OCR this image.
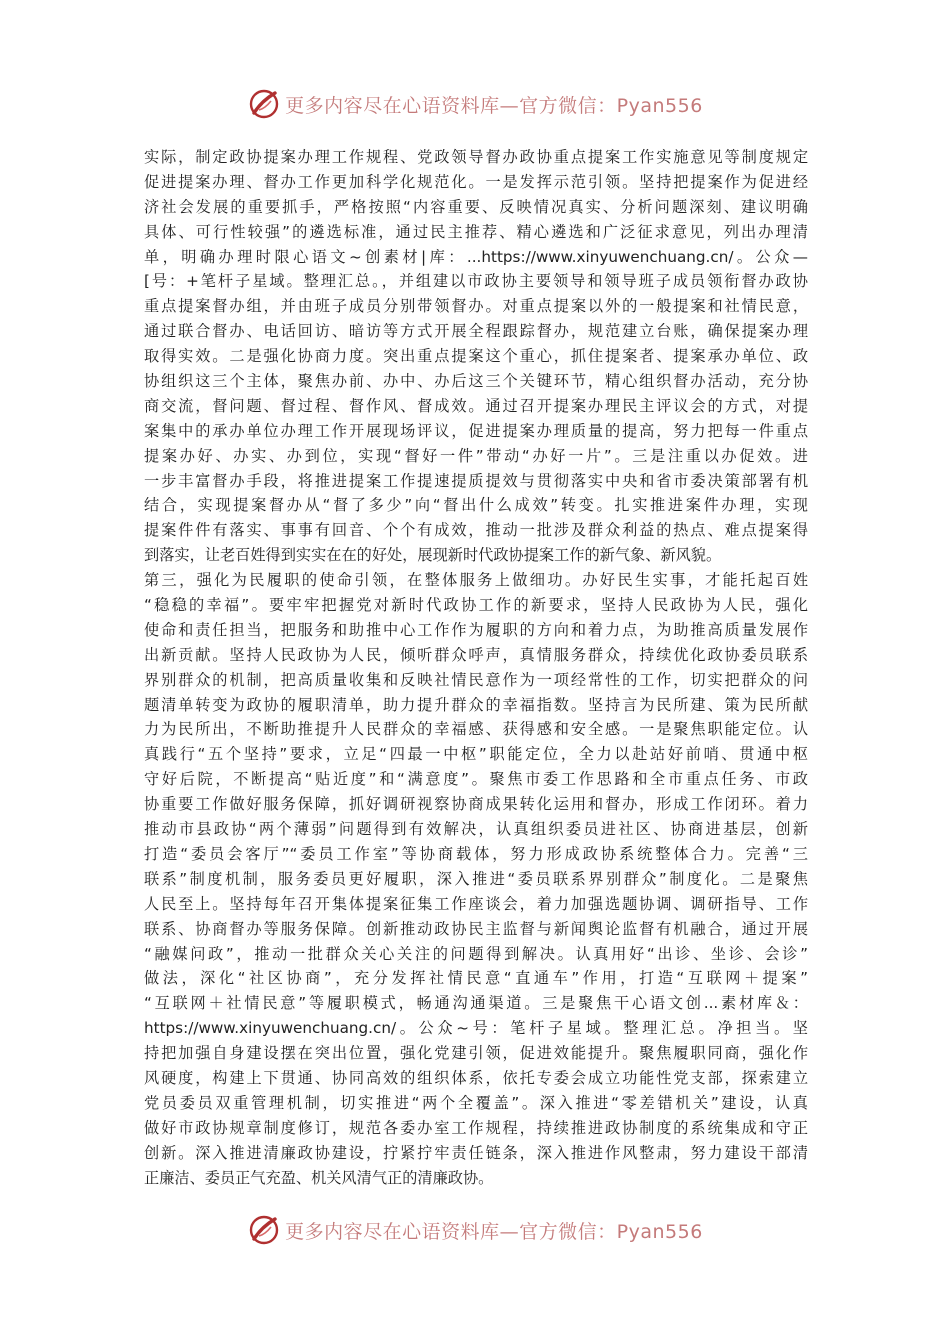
更多内容尽在心语资料库—官方微信：Pyan556
实际，制定政协提案办理工作规程、党政领导督办政协重点提案工作实施意见等制度规定
促进提案办理、督办工作更加科学化规范化。一是发挥示范引领。坚持把提案作为促进经
济社会发展的重要抓手，严格按照“内容重要、反映情况真实、分析问题深刻、建议明确
具体、可行性较强”的遴选标准，通过民主推荐、精心遴选和广泛征求意见，列出办理清
单，明确办理时限心语文~创素材|库：...https://www.xinyuwenchuang.cn/。公众—
[号：+笔杆子星域。整理汇总。，并组建以市政协主要领导和领导班子成员领衔督办政协
重点提案督办组，并由班子成员分别带领督办。对重点提案以外的一般提案和社情民意，
通过联合督办、电话回访、暗访等方式开展全程跟踪督办，规范建立台账，确保提案办理
取得实效。二是强化协商力度。突出重点提案这个重心，抓住提案者、提案承办单位、政
协组织这三个主体，聚焦办前、办中、办后这三个关键环节，精心组织督办活动，充分协
商交流，督问题、督过程、督作风、督成效。通过召开提案办理民主评议会的方式，对提
案集中的承办单位办理工作开展现场评议，促进提案办理质量的提高，努力把每一件重点
提案办好、办实、办到位，实现“督好一件”带动“办好一片”。三是注重以办促效。进
一步丰富督办手段，将推进提案工作提速提质提效与贯彻落实中央和省市委决策部署有机
结合，实现提案督办从“督了多少”向“督出什么成效”转变。扎实推进案件办理，实现
提案件件有落实、事事有回音、个个有成效，推动一批涉及群众利益的热点、难点提案得
到落实，让老百姓得到实实在在的好处，展现新时代政协提案工作的新气象、新风貌。
第三，强化为民履职的使命引领，在整体服务上做细功。办好民生实事，才能托起百姓
“稳稳的幸福”。要牢牢把握党对新时代政协工作的新要求，坚持人民政协为人民，强化
使命和责任担当，把服务和助推中心工作作为履职的方向和着力点，为助推高质量发展作
出新贡献。坚持人民政协为人民，倾听群众呼声，真情服务群众，持续优化政协委员联系
界别群众的机制，把高质量收集和反映社情民意作为一项经常性的工作，切实把群众的问
题清单转变为政协的履职清单，助力提升群众的幸福指数。坚持言为民所建、策为民所献
力为民所出，不断助推提升人民群众的幸福感、获得感和安全感。一是聚焦职能定位。认
真践行“五个坚持”要求，立足“四最一中枢”职能定位，全力以赴站好前哨、贯通中枢
守好后院，不断提高“贴近度”和“满意度”。聚焦市委工作思路和全市重点任务、市政
协重要工作做好服务保障，抓好调研视察协商成果转化运用和督办，形成工作闭环。着力
推动市县政协“两个薄弱”问题得到有效解决，认真组织委员进社区、协商进基层，创新
打造“委员会客厅”“委员工作室”等协商载体，努力形成政协系统整体合力。完善“三
联系”制度机制，服务委员更好履职，深入推进“委员联系界别群众”制度化。二是聚焦
人民至上。坚持每年召开集体提案征集工作座谈会，着力加强选题协调、调研指导、工作
联系、协商督办等服务保障。创新推动政协民主监督与新闻舆论监督有机融合，通过开展
“融媒问政”，推动一批群众关心关注的问题得到解决。认真用好“出诊、坐诊、会诊”
做法，深化“社区协商”，充分发挥社情民意“直通车”作用，打造“互联网＋提案”
“互联网＋社情民意”等履职模式，畅通沟通渠道。三是聚焦干心语文创...素材库＆：
https://www.xinyuwenchuang.cn/。公众~号：笔杆子星域。整理汇总。净担当。坚
持把加强自身建设摆在突出位置，强化党建引领，促进效能提升。聚焦履职同商，强化作
风硬度，构建上下贯通、协同高效的组织体系，依托专委会成立功能性党支部，探索建立
党员委员双重管理机制，切实推进“两个全覆盖”。深入推进“零差错机关”建设，认真
做好市政协规章制度修订，规范各委办室工作规程，持续推进政协制度的系统集成和守正
创新。深入推进清廉政协建设，拧紧拧牢责任链条，深入推进作风整肃，努力建设干部清
正廉洁、委员正气充盈、机关风清气正的清廉政协。
更多内容尽在心语资料库—官方微信：Pyan556
